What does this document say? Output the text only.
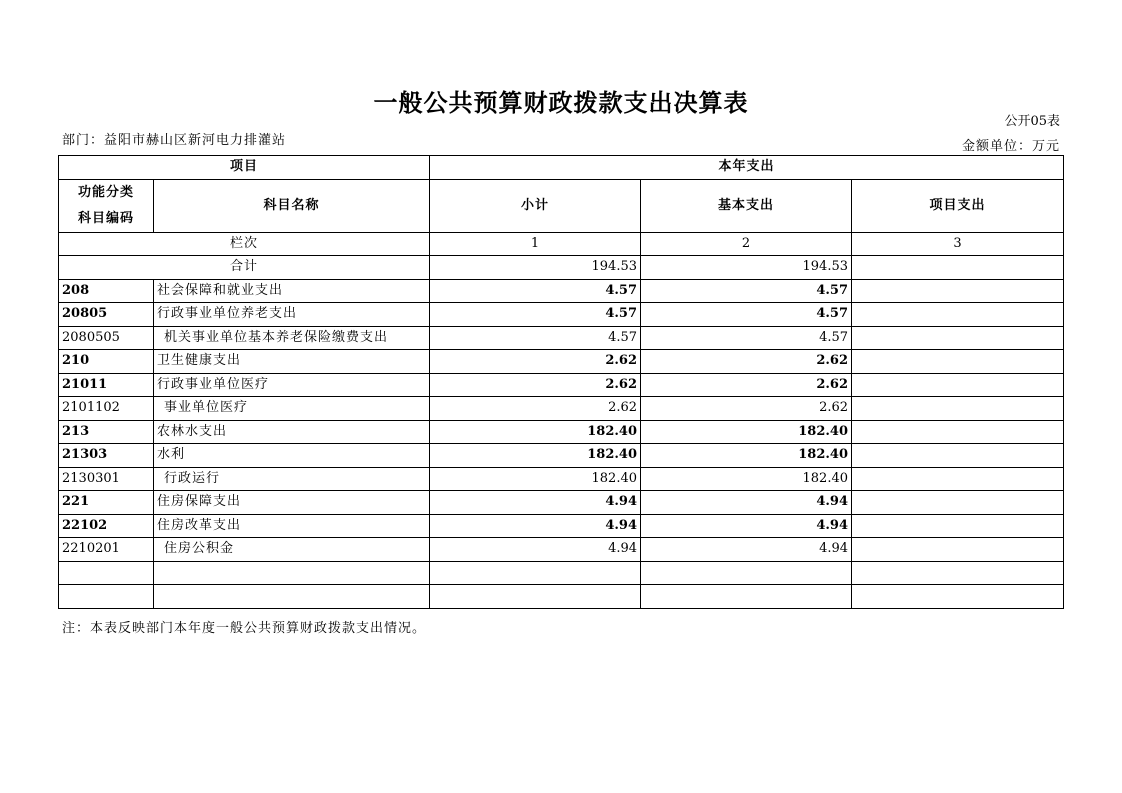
一般公共预算财政拨款支出决算表
公开05表
部门：益阳市赫山区新河电力排灌站	金额单位：万元
项目		本年支出		
功能分类
科目编码	科目名称	小计	基本支出	项目支出
栏次		1	2	3
合计		194.53	194.53	
208	社会保障和就业支出	4.57	4.57	
20805	行政事业单位养老支出	4.57	4.57	
2080505	机关事业单位基本养老保险缴费支出	4.57	4.57	
210	卫生健康支出	2.62	2.62	
21011	行政事业单位医疗	2.62	2.62	
2101102	事业单位医疗	2.62	2.62	
213	农林水支出	182.40	182.40	
21303	水利	182.40	182.40	
2130301	行政运行	182.40	182.40	
221	住房保障支出	4.94	4.94	
22102	住房改革支出	4.94	4.94	
2210201	住房公积金	4.94	4.94	

注：本表反映部门本年度一般公共预算财政拨款支出情况。
